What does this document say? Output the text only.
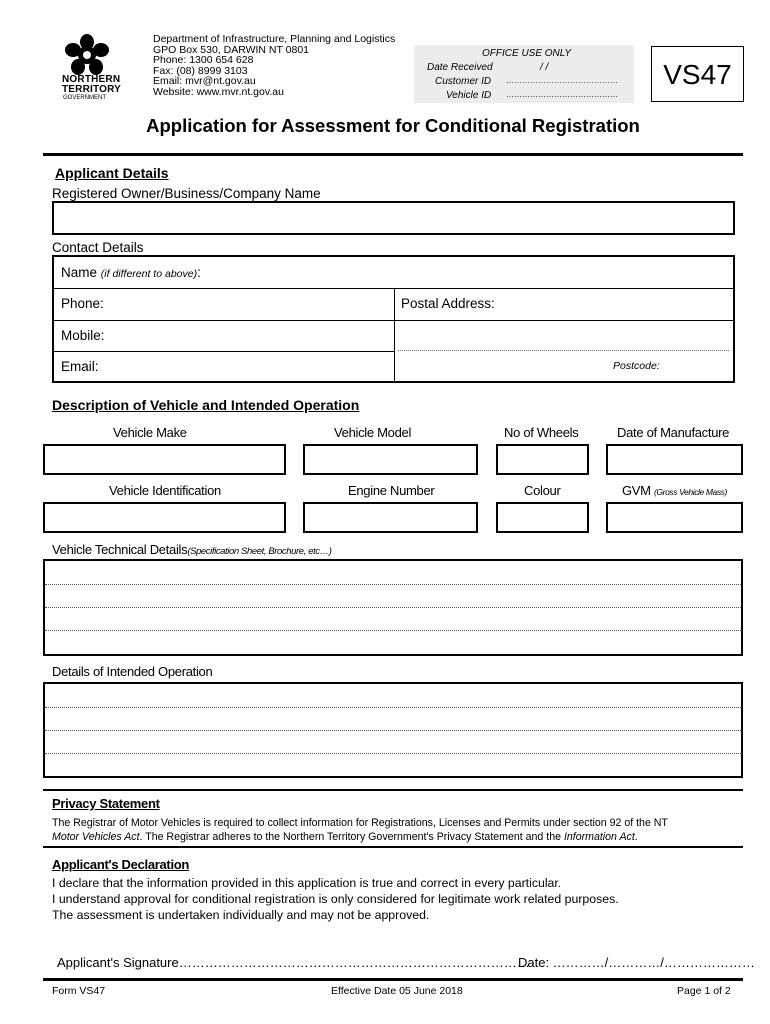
NORTHERN
TERRITORY
GOVERNMENT
Department of Infrastructure, Planning and Logistics
GPO Box 530, DARWIN NT 0801
Phone: 1300 654 628
Fax: (08) 8999 3103
Email: mvr@nt.gov.au
Website: www.mvr.nt.gov.au
OFFICE USE ONLY
Date Received	/ /
Customer ID ……………………………………
Vehicle ID ……………………………………
VS47
Application for Assessment for Conditional Registration
Applicant Details
Registered Owner/Business/Company Name
Contact Details
Name (if different to above):
Phone:	Postal Address:
Mobile:
Email:	Postcode:
Description of Vehicle and Intended Operation
Vehicle Make	Vehicle Model	No of Wheels	Date of Manufacture
Vehicle Identification	Engine Number	Colour	GVM (Gross Vehicle Mass)
Vehicle Technical Details(Specification Sheet, Brochure, etc…)
Details of Intended Operation
Privacy Statement
The Registrar of Motor Vehicles is required to collect information for Registrations, Licenses and Permits under section 92 of the NT
Motor Vehicles Act. The Registrar adheres to the Northern Territory Government's Privacy Statement and the Information Act.
Applicant's Declaration
I declare that the information provided in this application is true and correct in every particular.
I understand approval for conditional registration is only considered for legitimate work related purposes.
The assessment is undertaken individually and may not be approved.
Applicant's Signature………………………………………………………………………
Date: …………/…………/…………………
Form VS47	Effective Date 05 June 2018	Page 1 of 2
